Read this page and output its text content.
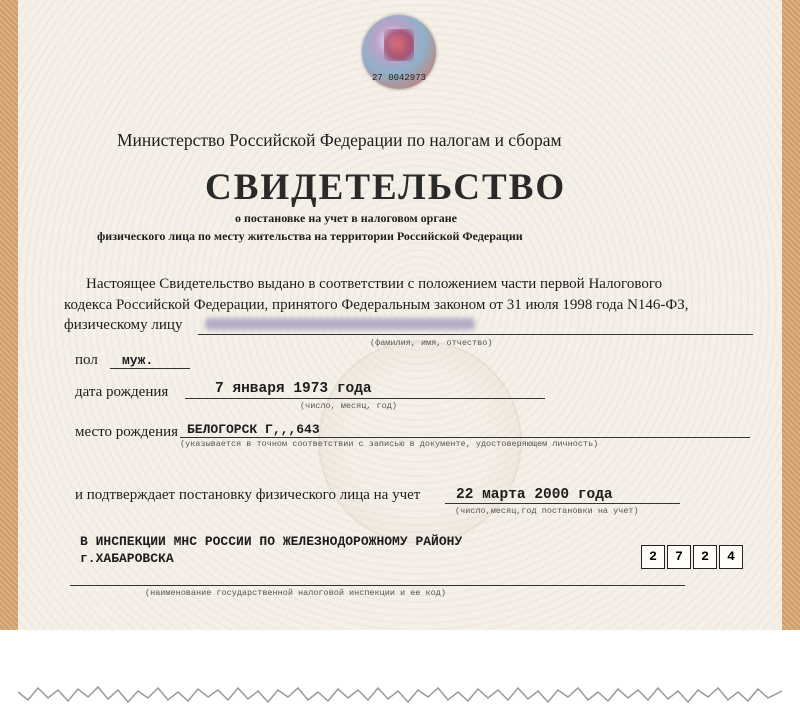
27 0042973
Министерство Российской Федерации по налогам и сборам
СВИДЕТЕЛЬСТВО
о постановке на учет в налоговом органе
физического лица по месту жительства на территории Российской Федерации
Настоящее Свидетельство выдано в соответствии с положением части первой Налогового
кодекса Российской Федерации, принятого Федеральным законом от 31 июля 1998 года N146-ФЗ,
физическому лицу
(фамилия, имя, отчество)
пол муж.
дата рождения	7 января 1973 года
(число, месяц, год)
место рождения БЕЛОГОРСК Г,,,643
(указывается в точном соответствии с записью в документе, удостоверяющем личность)
и подтверждает постановку физического лица на учет 22 марта 2000 года
(число,месяц,год постановки на учет)
В ИНСПЕКЦИИ МНС РОССИИ ПО ЖЕЛЕЗНОДОРОЖНОМУ РАЙОНУ
г.ХАБАРОВСКА
(наименование государственной налоговой инспекции и ее код)
2	7	2	4
